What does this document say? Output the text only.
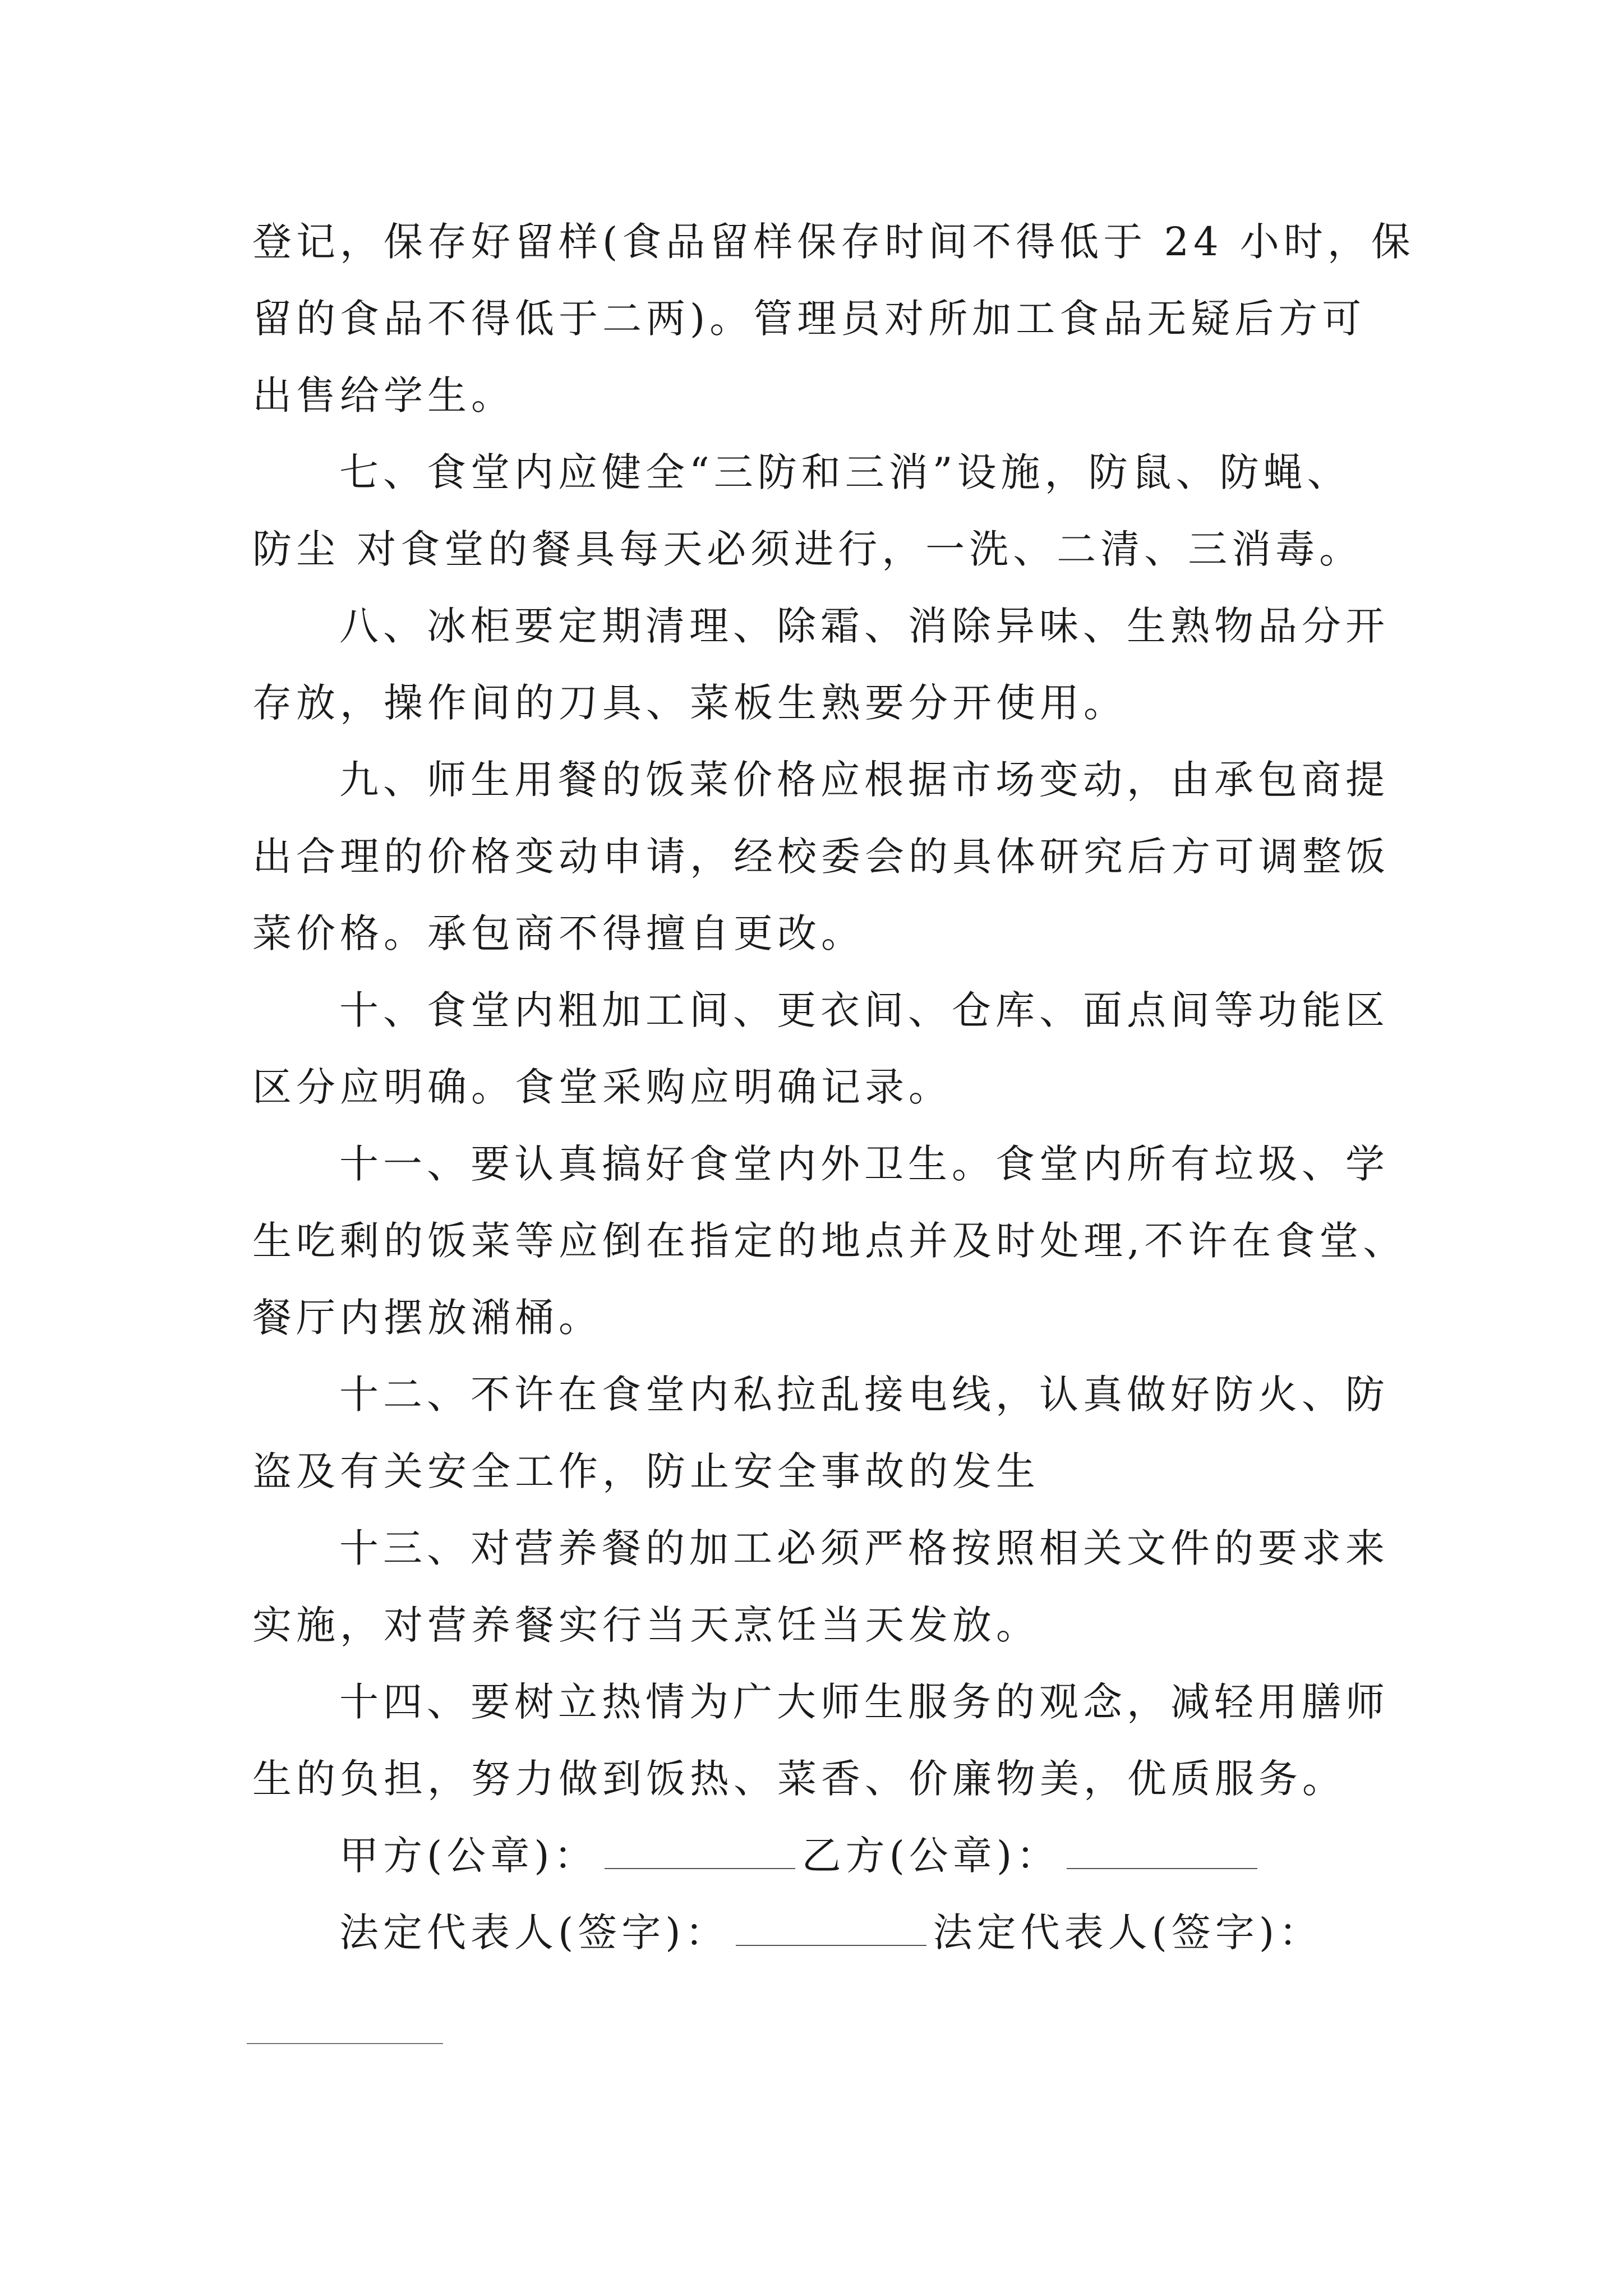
登记，保存好留样(食品留样保存时间不得低于 24 小时，保
留的食品不得低于二两)。管理员对所加工食品无疑后方可
出售给学生。
七、食堂内应健全“三防和三消”设施，防鼠、防蝇、
防尘 对食堂的餐具每天必须进行，一洗、二清、三消毒。
八、冰柜要定期清理、除霜、消除异味、生熟物品分开
存放，操作间的刀具、菜板生熟要分开使用。
九、师生用餐的饭菜价格应根据市场变动，由承包商提
出合理的价格变动申请，经校委会的具体研究后方可调整饭
菜价格。承包商不得擅自更改。
十、食堂内粗加工间、更衣间、仓库、面点间等功能区
区分应明确。食堂采购应明确记录。
十一、要认真搞好食堂内外卫生。食堂内所有垃圾、学
生吃剩的饭菜等应倒在指定的地点并及时处理,不许在食堂、
餐厅内摆放潲桶。
十二、不许在食堂内私拉乱接电线，认真做好防火、防
盗及有关安全工作，防止安全事故的发生
十三、对营养餐的加工必须严格按照相关文件的要求来
实施，对营养餐实行当天烹饪当天发放。
十四、要树立热情为广大师生服务的观念，减轻用膳师
生的负担，努力做到饭热、菜香、价廉物美，优质服务。
甲方(公章)：	乙方(公章)：
法定代表人(签字)：	法定代表人(签字)：
